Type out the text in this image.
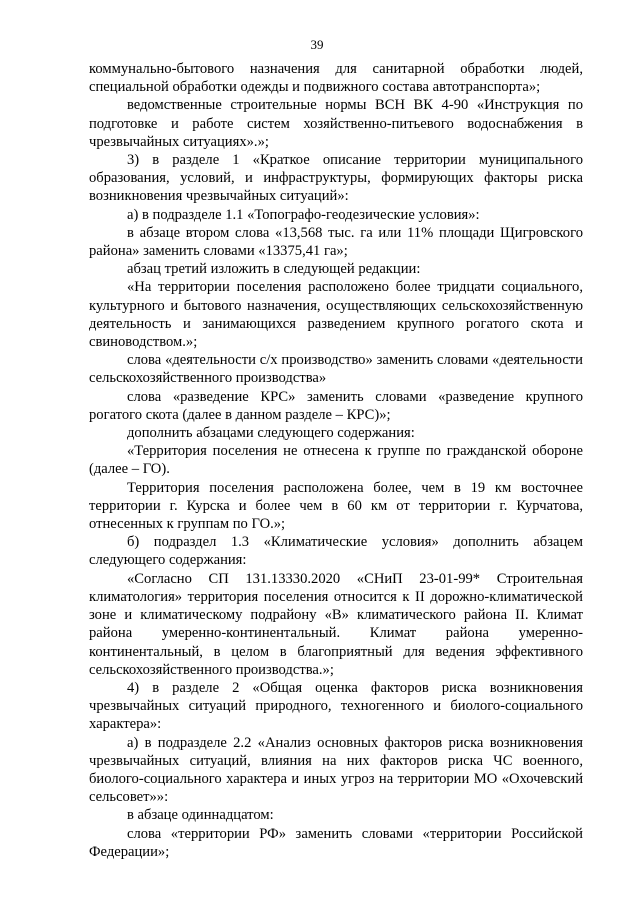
39

коммунально-бытового назначения для санитарной обработки людей, специальной обработки одежды и подвижного состава автотранспорта»;

ведомственные строительные нормы ВСН ВК 4-90 «Инструкция по подготовке и работе систем хозяйственно-питьевого водоснабжения в чрезвычайных ситуациях».»;

3) в разделе 1 «Краткое описание территории муниципального образования, условий, и инфраструктуры, формирующих факторы риска возникновения чрезвычайных ситуаций»:

а) в подразделе 1.1 «Топографо-геодезические условия»:

в абзаце втором слова «13,568 тыс. га или 11% площади Щигровского района» заменить словами «13375,41 га»;

абзац третий изложить в следующей редакции:

«На территории поселения расположено более тридцати социального, культурного и бытового назначения, осуществляющих сельскохозяйственную деятельность и занимающихся разведением крупного рогатого скота и свиноводством.»;

слова «деятельности с/х производство» заменить словами «деятельности сельскохозяйственного производства»

слова «разведение КРС» заменить словами «разведение крупного рогатого скота (далее в данном разделе – КРС)»;

дополнить абзацами следующего содержания:

«Территория поселения не отнесена к группе по гражданской обороне (далее – ГО).

Территория поселения расположена более, чем в 19 км восточнее территории г. Курска и более чем в 60 км от территории г. Курчатова, отнесенных к группам по ГО.»;

б) подраздел 1.3 «Климатические условия» дополнить абзацем следующего содержания:

«Согласно СП 131.13330.2020 «СНиП 23-01-99* Строительная климатология» территория поселения относится к II дорожно-климатической зоне и климатическому подрайону «В» климатического района II. Климат района умеренно-континентальный. Климат района умеренно-континентальный, в целом в благоприятный для ведения эффективного сельскохозяйственного производства.»;

4) в разделе 2 «Общая оценка факторов риска возникновения чрезвычайных ситуаций природного, техногенного и биолого-социального характера»:

а) в подразделе 2.2 «Анализ основных факторов риска возникновения чрезвычайных ситуаций, влияния на них факторов риска ЧС военного, биолого-социального характера и иных угроз на территории МО «Охочевский сельсовет»»:

в абзаце одиннадцатом:

слова «территории РФ» заменить словами «территории Российской Федерации»;
